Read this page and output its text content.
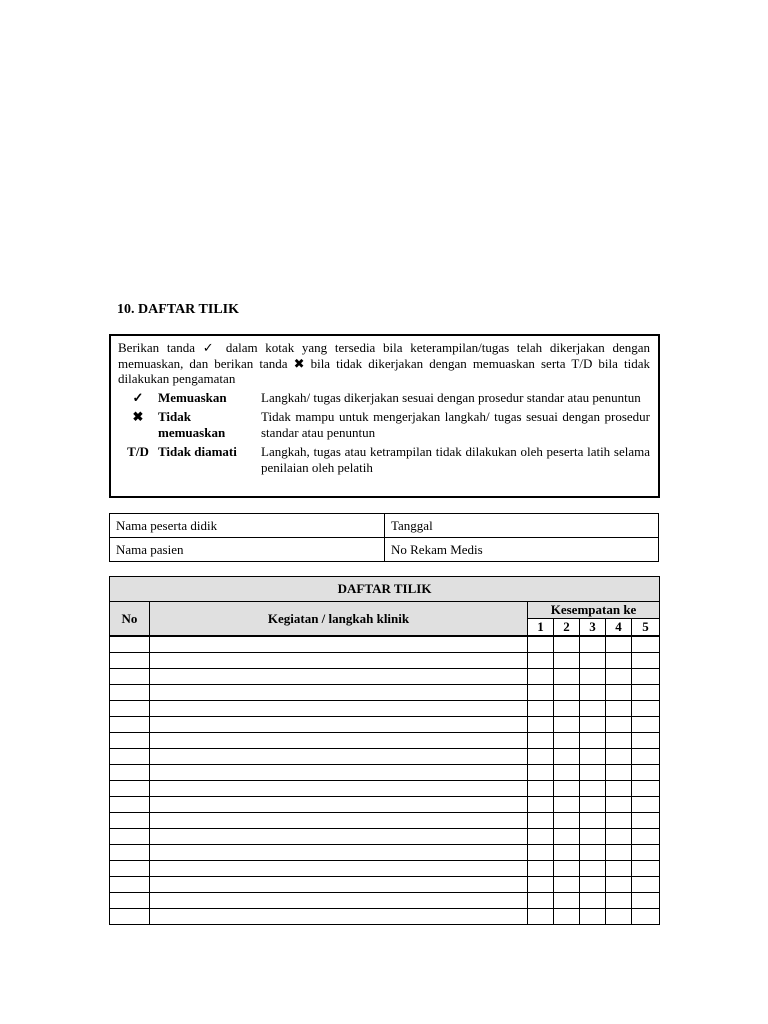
10. DAFTAR TILIK
Berikan tanda ✓ dalam kotak yang tersedia bila keterampilan/tugas telah dikerjakan dengan memuaskan, dan berikan tanda ✖ bila tidak dikerjakan dengan memuaskan serta T/D bila tidak dilakukan pengamatan
✓	Memuaskan	Langkah/ tugas dikerjakan sesuai dengan prosedur standar atau penuntun
✖	Tidak memuaskan	Tidak mampu untuk mengerjakan langkah/ tugas sesuai dengan prosedur standar atau penuntun
T/D	Tidak diamati	Langkah, tugas atau ketrampilan tidak dilakukan oleh peserta latih selama penilaian oleh pelatih
Nama peserta didik	Tanggal
Nama pasien	No Rekam Medis
DAFTAR TILIK						
No	Kegiatan / langkah klinik	Kesempatan ke				
		1	2	3	4	5
